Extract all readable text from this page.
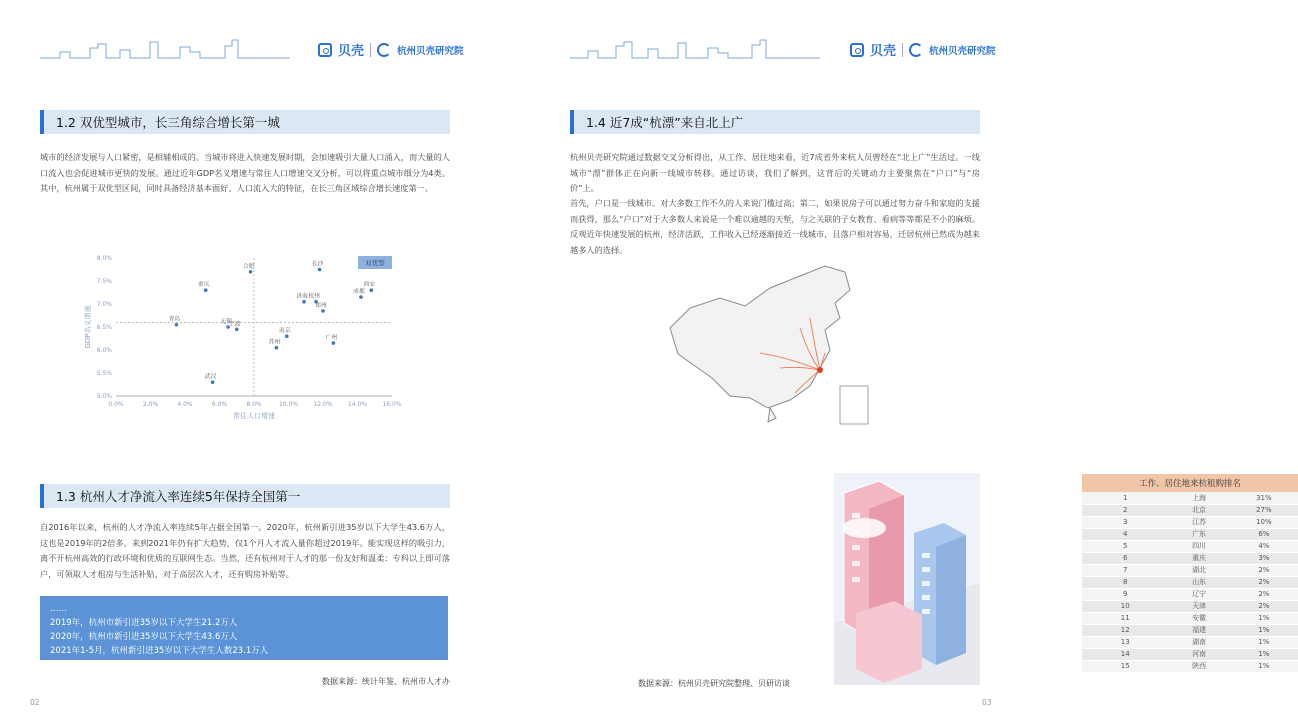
贝壳	杭州贝壳研究院
1.2 双优型城市，长三角综合增长第一城
城市的经济发展与人口紧密，是相辅相成的。当城市将进入快速发展时期，会加速吸引大量人口涌入，而大量的人口流入也会促进城市更快的发展。通过近年GDP名义增速与常住人口增速交叉分析，可以将重点城市细分为4类。其中，杭州属于双优型区间，同时具备经济基本面好、人口流入大的特征，在长三角区域综合增长速度第一。
0.0%	2.0%	4.0%	6.0%	8.0%	10.0%	12.0%	14.0%	16.0%
5.0%
5.5%
6.0%
6.5%
7.0%
7.5%
8.0%
常住人口增速
GDP名义增速
双优型
合肥	长沙
重庆	西安
成都
济南 杭州
郑州
青岛	无锡
宁波
南京
苏州
广州
武汉
1.3 杭州人才净流入率连续5年保持全国第一
自2016年以来，杭州的人才净流入率连续5年占据全国第一。2020年，杭州新引进35岁以下大学生43.6万人，这也是2019年的2倍多。来到2021年仍有扩大趋势，仅1个月人才流入量你超过2019年。能实现这样的吸引力，离不开杭州高效的行政环境和优质的互联网生态。当然，还有杭州对于人才的那一份友好和温柔：专科以上即可落户，可领取人才租房与生活补贴，对于高层次人才，还有购房补贴等。
……
2019年，杭州市新引进35岁以下大学生21.2万人
2020年，杭州市新引进35岁以下大学生43.6万人
2021年1-5月，杭州新引进35岁以下大学生人数23.1万人
数据来源：统计年鉴、杭州市人才办
02
贝壳	杭州贝壳研究院
1.4 近7成“杭漂”来自北上广
杭州贝壳研究院通过数据交叉分析得出，从工作、居住地来看，近7成省外来杭人员曾经在“北上广”生活过。一线城市“漂”群体正在向新一线城市转移。通过访谈，我们了解到，这背后的关键动力主要聚焦在“户口”与“房价”上。
首先，户口是一线城市。对大多数工作不久的人来说门槛过高；第二，如果说房子可以通过努力奋斗和家庭的支援而获得，那么“户口”对于大多数人来说是一个难以逾越的天堑，与之关联的子女教育、看病等等都是不小的麻烦。反观近年快速发展的杭州，经济活跃，工作收入已经逐渐接近一线城市，且落户相对容易，迁居杭州已然成为越来越多人的选择。
工作、居住地来杭租购排名		
1	上海	31%
2	北京	27%
3	江苏	10%
4	广东	6%
5	四川	4%
6	重庆	3%
7	湖北	2%
8	山东	2%
9	辽宁	2%
10	天津	2%
11	安徽	1%
12	福建	1%
13	湖南	1%
14	河南	1%
15	陕西	1%
数据来源：杭州贝壳研究院整理、贝研访谈
03
